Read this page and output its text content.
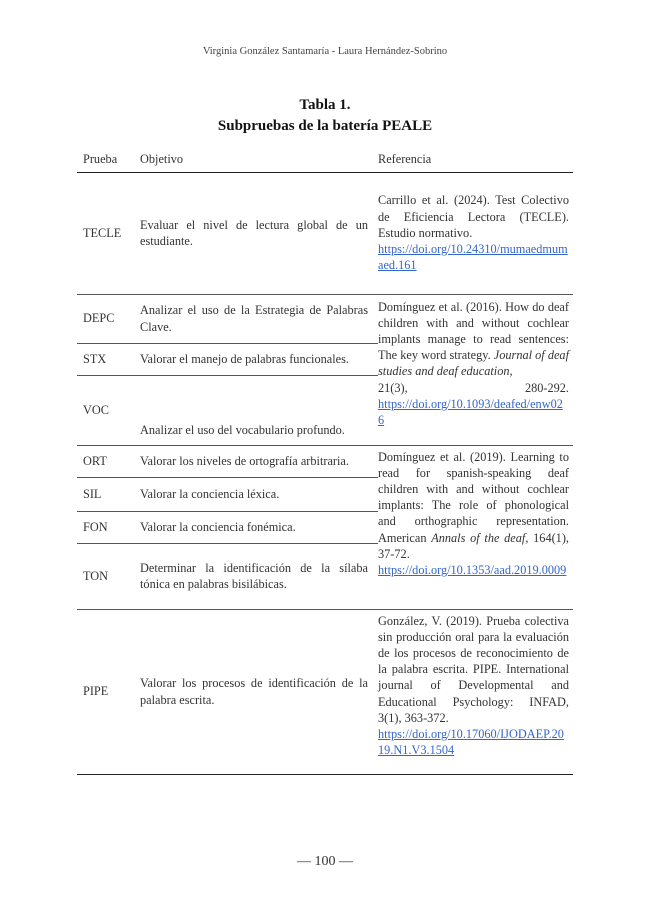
Virginia González Santamaría - Laura Hernández-Sobrino
Tabla 1.
Subpruebas de la batería PEALE
Prueba	Objetivo	Referencia
TECLE	Evaluar el nivel de lectura global de un estudiante.	Carrillo et al. (2024). Test Colectivo de Eficiencia Lectora (TECLE). Estudio normativo.
https://doi.org/10.24310/mumaedmumaed.161

DEPC	Analizar el uso de la Estrategia de Palabras Clave.	Domínguez et al. (2016). How do deaf children with and without cochlear implants manage to read sentences: The key word strategy. Journal of deaf studies and deaf education,
21(3), 280-292.
https://doi.org/10.1093/deafed/enw026

STX	Valorar el manejo de palabras funcionales.	
VOC	Analizar el uso del vocabulario profundo.	
ORT	Valorar los niveles de ortografía arbitraria.	Domínguez et al. (2019). Learning to read for spanish-speaking deaf children with and without cochlear implants: The role of phonological and orthographic representation. American Annals of the deaf, 164(1), 37-72.
https://doi.org/10.1353/aad.2019.0009

SIL	Valorar la conciencia léxica.	
FON	Valorar la conciencia fonémica.	
TON	Determinar la identificación de la sílaba tónica en palabras bisilábicas.	
PIPE	Valorar los procesos de identificación de la palabra escrita.	González, V. (2019). Prueba colectiva sin producción oral para la evaluación de los procesos de reconocimiento de la palabra escrita. PIPE. International journal of Developmental and Educational Psychology: INFAD, 3(1), 363-372.
https://doi.org/10.17060/IJODAEP.2019.N1.V3.1504
— 100 —
